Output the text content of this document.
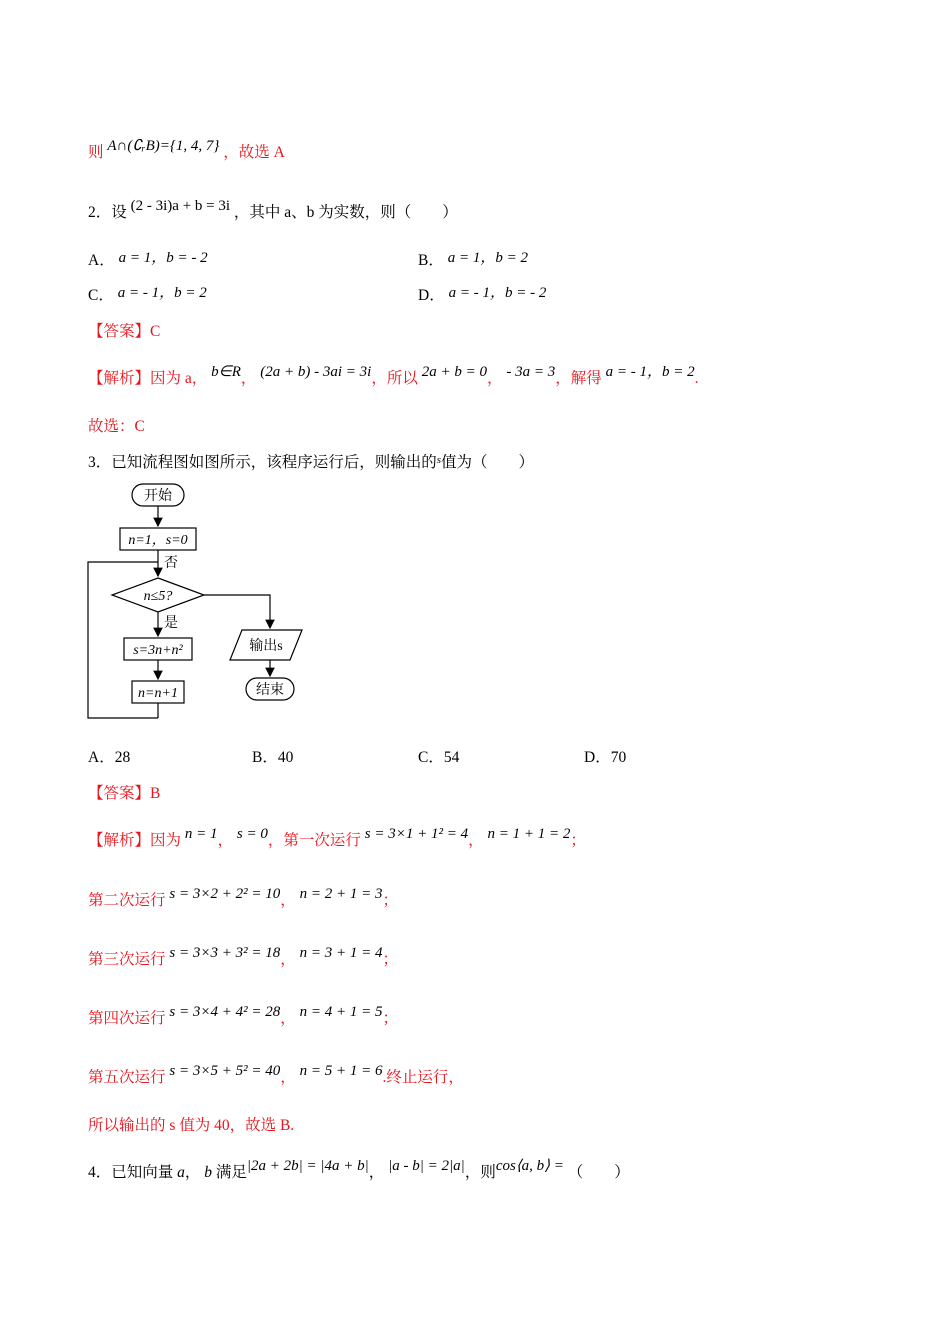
则 A∩(∁ᵣB)={1, 4, 7} ，故选 A
2．设 (2 - 3i)a + b = 3i ，其中 a、b 为实数，则（　　）
A． a = 1，b = - 2	B． a = 1，b = 2
C． a = - 1，b = 2	D． a = - 1，b = - 2
【答案】C
【解析】因为 a， b∈R， (2a + b) - 3ai = 3i，所以 2a + b = 0， - 3a = 3，解得 a = - 1，b = 2.
故选：C
3．已知流程图如图所示，该程序运行后，则输出的$^s$值为（　　）
开始
n=1，s=0
否
n≤5?
是
s=3n+n²
n=n+1
输出s
结束
A．28	B．40	C．54	D．70
【答案】B
【解析】因为 n = 1， s = 0，第一次运行 s = 3×1 + 1² = 4， n = 1 + 1 = 2；
第二次运行 s = 3×2 + 2² = 10， n = 2 + 1 = 3；
第三次运行 s = 3×3 + 3² = 18， n = 3 + 1 = 4；
第四次运行 s = 3×4 + 4² = 28， n = 4 + 1 = 5；
第五次运行 s = 3×5 + 5² = 40， n = 5 + 1 = 6.终止运行，
所以输出的 s 值为 40，故选 B.
4．已知向量 a， b 满足|2a + 2b| = |4a + b|， |a - b| = 2|a|，则cos⟨a, b⟩ = （　　）
